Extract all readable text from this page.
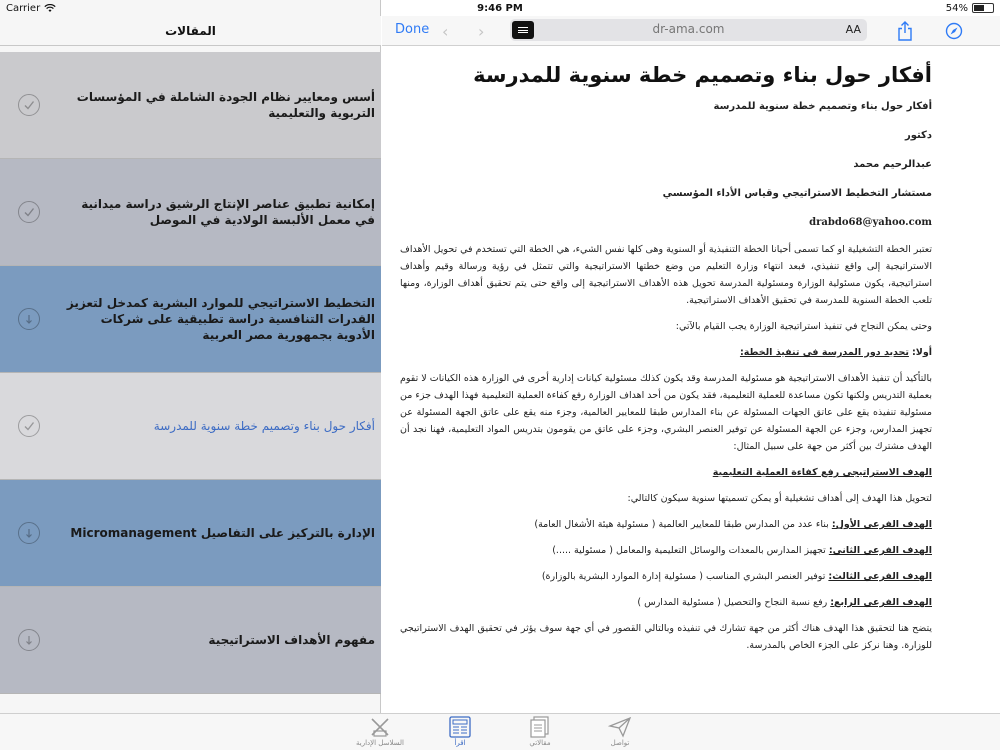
Carrier	9:46 PM	54%
المقالات
أسس ومعايير نظام الجودة الشاملة في المؤسسات التربوية والتعليمية
إمكانية تطبيق عناصر الإنتاج الرشيق دراسة ميدانية في معمل الألبسة الولادية في الموصل
التخطيط الاستراتيجي للموارد البشرية كمدخل لتعزيز القدرات التنافسية دراسة تطبيقية على شركات الأدوية بجمهورية مصر العربية
أفكار حول بناء وتصميم خطة سنوية للمدرسة
الإدارة بالتركيز على التفاصيل Micromanagement
مفهوم الأهداف الاستراتيجية
Done ‹ ›	dr-ama.com	AA
أفكار حول بناء وتصميم خطة سنوية للمدرسة
أفكار حول بناء وتصميم خطة سنوية للمدرسة
دكتور
عبدالرحيم محمد
مستشار التخطيط الاستراتيجي وقياس الأداء المؤسسي
drabdo68@yahoo.com
تعتبر الخطة التشغيلية او كما تسمى أحيانا الخطة التنفيذية أو السنوية وهى كلها نفس الشيء، هي الخطة التي تستخدم في تحويل الأهداف الاستراتيجية إلى واقع تنفيذي، فبعد انتهاء وزارة التعليم من وضع خطتها الاستراتيجية والتي تتمثل في رؤية ورسالة وقيم وأهداف استراتيجية، يكون مسئولية الوزارة ومسئولية المدرسة تحويل هذه الأهداف الاستراتيجية إلى واقع حتى يتم تحقيق أهداف الوزارة، ومنها تلعب الخطة السنوية للمدرسة في تحقيق الأهداف الاستراتيجية.
وحتى يمكن النجاح في تنفيذ استراتيجية الوزارة يجب القيام بالآتي:
أولا: تحديد دور المدرسة في تنفيذ الخطة:
بالتأكيد أن تنفيذ الأهداف الاستراتيجية هو مسئولية المدرسة وقد يكون كذلك مسئولية كيانات إدارية أخرى في الوزارة هذه الكيانات لا تقوم بعملية التدريس ولكنها تكون مساعدة للعملية التعليمية، فقد يكون من أحد اهداف الوزارة رفع كفاءة العملية التعليمية فهذا الهدف جزء من مسئولية تنفيذه يقع على عاتق الجهات المسئولة عن بناء المدارس طبقا للمعايير العالمية، وجزء منه يقع على عاتق الجهة المسئولة عن تجهيز المدارس، وجزء عن الجهة المسئولة عن توفير العنصر البشري، وجزء على عاتق من يقومون بتدريس المواد التعليمية، فهنا نجد أن الهدف مشترك بين أكثر من جهة على سبيل المثال:
الهدف الاستراتيجي رفع كفاءة العملية التعليمية
لتحويل هذا الهدف إلى أهداف تشغيلية أو يمكن تسميتها سنوية سيكون كالتالي:
الهدف الفرعي الأول: بناء عدد من المدارس طبقا للمعايير العالمية ( مسئولية هيئة الأشغال العامة)
الهدف الفرعي الثاني: تجهيز المدارس بالمعدات والوسائل التعليمية والمعامل ( مسئولية .....)
الهدف الفرعي الثالث: توفير العنصر البشري المناسب ( مسئولية إدارة الموارد البشرية بالوزارة)
الهدف الفرعي الرابع: رفع نسبة النجاح والتحصيل ( مسئولية المدارس )
يتضح هنا لتحقيق هذا الهدف هناك أكثر من جهة تشارك في تنفيذه وبالتالي القصور في أي جهة سوف يؤثر في تحقيق الهدف الاستراتيجي للوزارة. وهنا نركز على الجزء الخاص بالمدرسة.
السلاسل الإدارية	اقرأ	مقالاتي	تواصل
